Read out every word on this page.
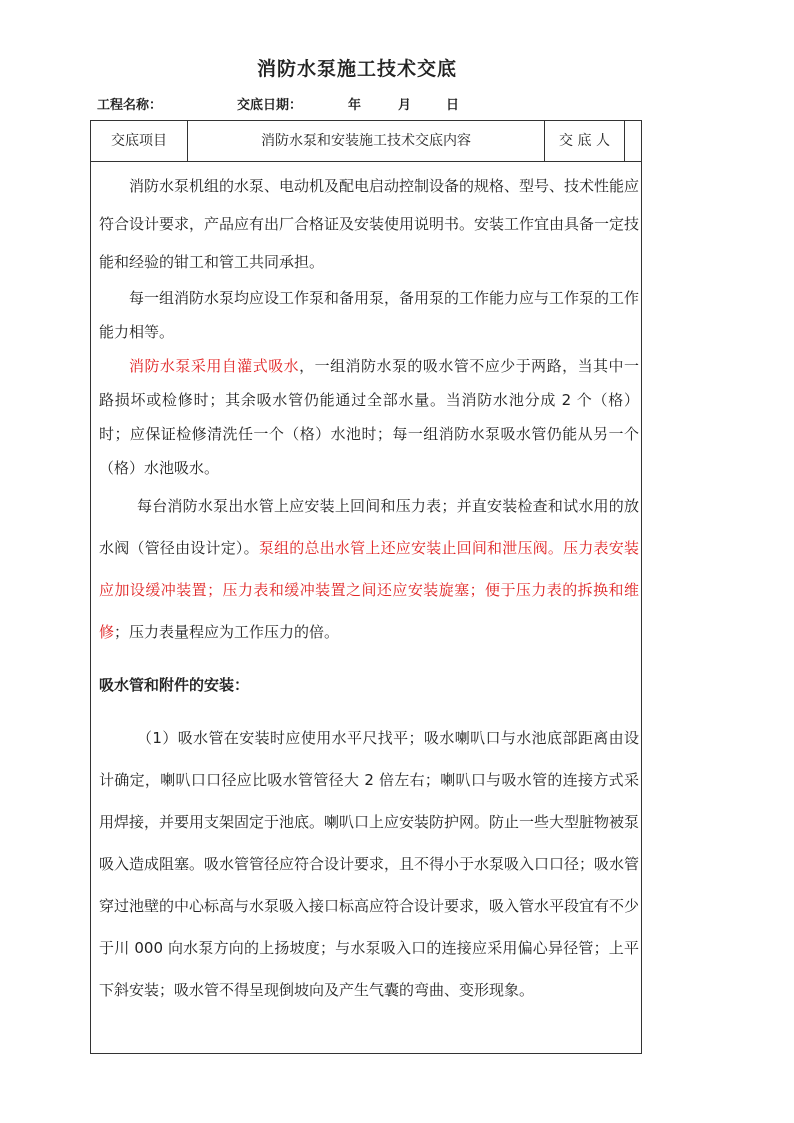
消防水泵施工技术交底
工程名称：	交底日期：	年	月	日
交底项目	消防水泵和安装施工技术交底内容	交 底 人

消防水泵机组的水泵、电动机及配电启动控制设备的规格、型号、技术性能应符合设计要求，产品应有出厂合格证及安装使用说明书。安装工作宜由具备一定技能和经验的钳工和管工共同承担。

每一组消防水泵均应设工作泵和备用泵，备用泵的工作能力应与工作泵的工作能力相等。

消防水泵采用自灌式吸水，一组消防水泵的吸水管不应少于两路，当其中一路损坏或检修时；其余吸水管仍能通过全部水量。当消防水池分成 2 个（格）时；应保证检修清洗任一个（格）水池时；每一组消防水泵吸水管仍能从另一个（格）水池吸水。

每台消防水泵出水管上应安装上回间和压力表；并直安装检查和试水用的放水阀（管径由设计定）。泵组的总出水管上还应安装止回间和泄压阀。压力表安装应加设缓冲装置；压力表和缓冲装置之间还应安装旋塞；便于压力表的拆换和维修；压力表量程应为工作压力的倍。

吸水管和附件的安装：

（1）吸水管在安装时应使用水平尺找平；吸水喇叭口与水池底部距离由设计确定，喇叭口口径应比吸水管管径大 2 倍左右；喇叭口与吸水管的连接方式采用焊接，并要用支架固定于池底。喇叭口上应安装防护网。防止一些大型脏物被泵吸入造成阻塞。吸水管管径应符合设计要求，且不得小于水泵吸入口口径；吸水管穿过池壁的中心标高与水泵吸入接口标高应符合设计要求，吸入管水平段宜有不少于川 000 向水泵方向的上扬坡度；与水泵吸入口的连接应采用偏心异径管；上平下斜安装；吸水管不得呈现倒坡向及产生气囊的弯曲、变形现象。
